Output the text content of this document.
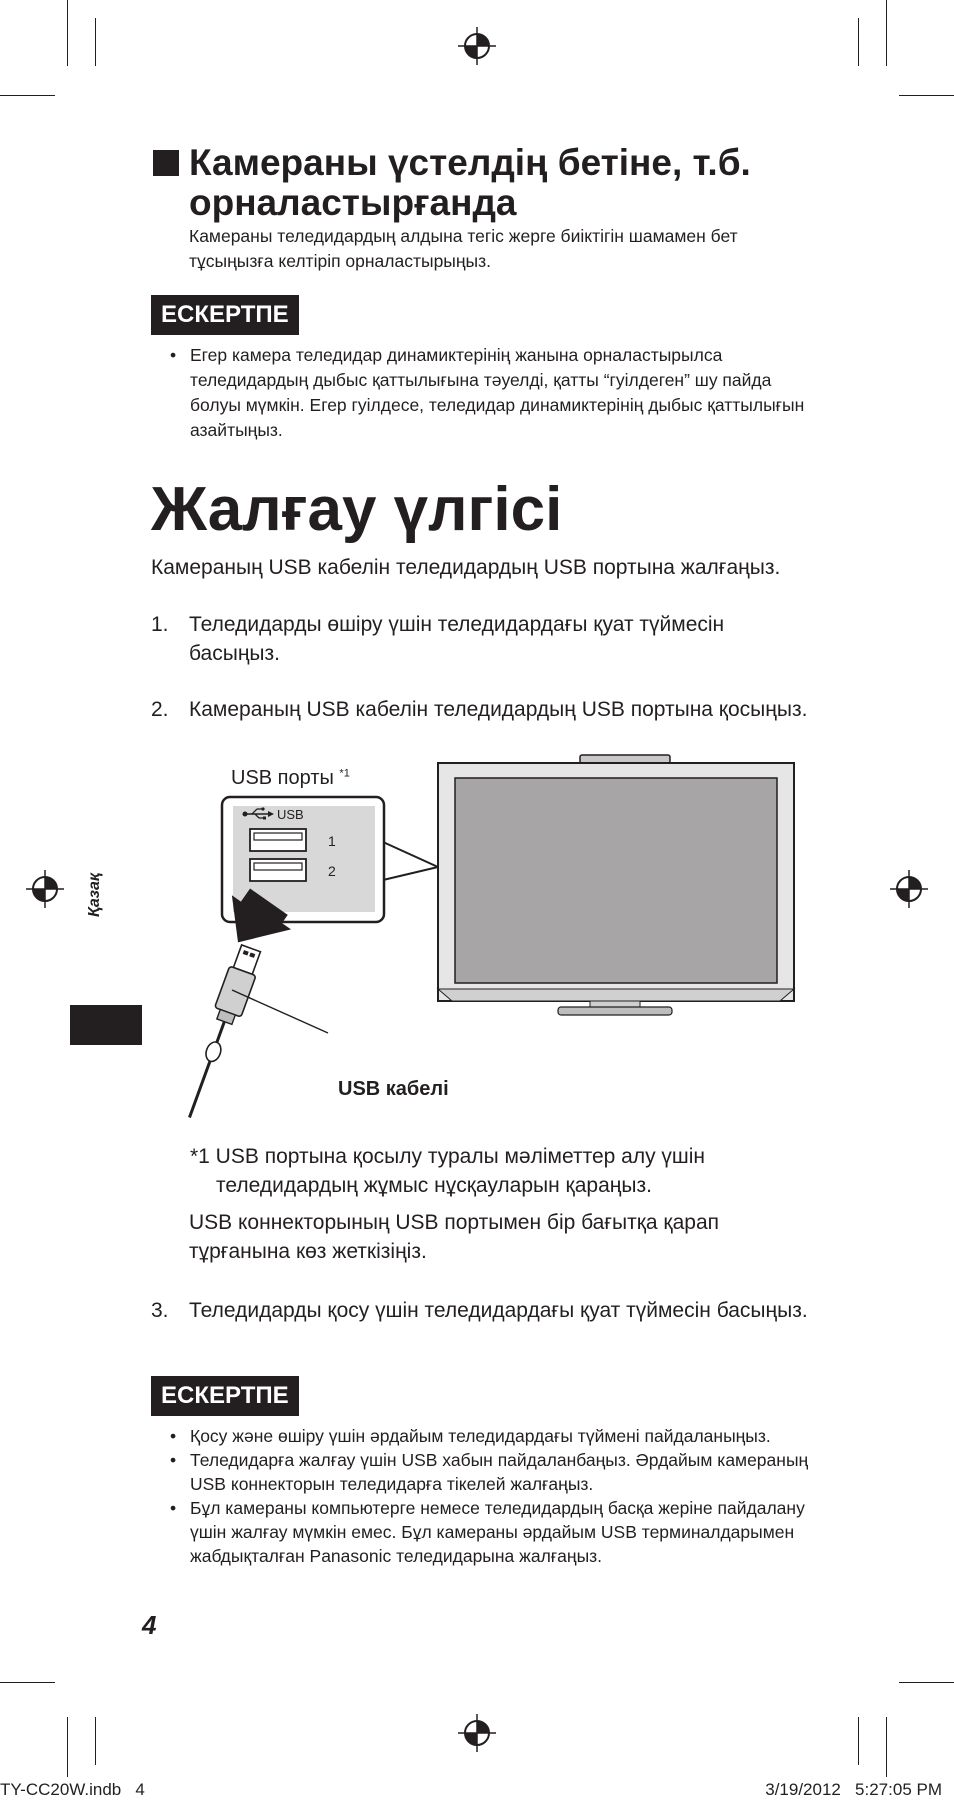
Камераны үстелдің бетіне, т.б. орналастырғанда
Камераны теледидардың алдына тегіс жерге биіктігін шамамен бет тұсыңызға келтіріп орналастырыңыз.
ЕСКЕРТПЕ
• Егер камера теледидар динамиктерінің жанына орналастырылса теледидардың дыбыс қаттылығына тәуелді, қатты “гуілдеген” шу пайда болуы мүмкін. Егер гуілдесе, теледидар динамиктерінің дыбыс қаттылығын азайтыңыз.
Жалғау үлгісі
Камераның USB кабелін теледидардың USB портына жалғаңыз.
1. Теледидарды өшіру үшін теледидардағы қуат түймесін басыңыз.
2. Камераның USB кабелін теледидардың USB портына қосыңыз.
USB порты $^{*1}$
USB
1
2
USB кабелі
*1 USB портына қосылу туралы мәліметтер алу үшін теледидардың жұмыс нұсқауларын қараңыз.
USB коннекторының USB портымен бір бағытқа қарап тұрғанына көз жеткізіңіз.
3. Теледидарды қосу үшін теледидардағы қуат түймесін басыңыз.
ЕСКЕРТПЕ
• Қосу және өшіру үшін әрдайым теледидардағы түймені пайдаланыңыз.
• Теледидарға жалғау үшін USB хабын пайдаланбаңыз. Әрдайым камераның USB коннекторын теледидарға тікелей жалғаңыз.
• Бұл камераны компьютерге немесе теледидардың басқа жеріне пайдалану үшін жалғау мүмкін емес. Бұл камераны әрдайым USB терминалдарымен жабдықталған Panasonic теледидарына жалғаңыз.
Қазақ
4
TY-CC20W.indb   4	3/19/2012   5:27:05 PM
